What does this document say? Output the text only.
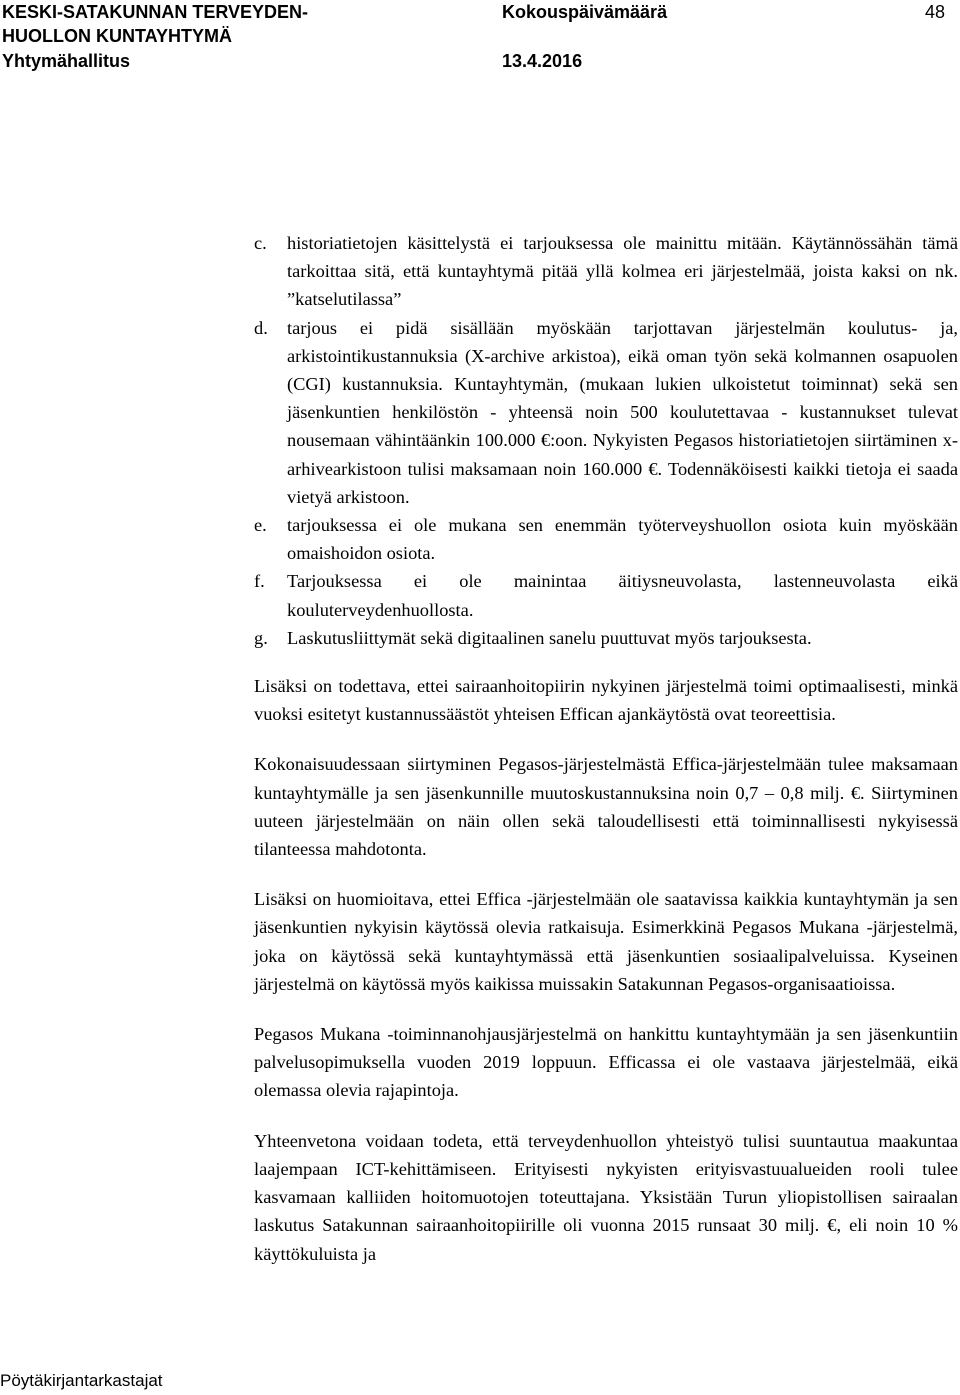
KESKI-SATAKUNNAN TERVEYDEN-
HUOLLON KUNTAYHTYMÄ
Yhtymähallitus
Kokouspäivämäärä
13.4.2016
48
c. historiatietojen käsittelystä ei tarjouksessa ole mainittu mitään. Käytännössähän tämä tarkoittaa sitä, että kuntayhtymä pitää yllä kolmea eri järjestelmää, joista kaksi on nk. ”katselutilassa”
d. tarjous ei pidä sisällään myöskään tarjottavan järjestelmän koulutus- ja, arkistointikustannuksia (X-archive arkistoa), eikä oman työn sekä kolmannen osapuolen (CGI) kustannuksia. Kuntayhtymän, (mukaan lukien ulkoistetut toiminnat) sekä sen jäsenkuntien henkilöstön - yhteensä noin 500 koulutettavaa - kustannukset tulevat nousemaan vähintäänkin 100.000 €:oon. Nykyisten Pegasos historiatietojen siirtäminen x-arhivearkistoon tulisi maksamaan noin 160.000 €. Todennäköisesti kaikki tietoja ei saada vietyä arkistoon.
e. tarjouksessa ei ole mukana sen enemmän työterveyshuollon osiota kuin myöskään omaishoidon osiota.
f. Tarjouksessa ei ole mainintaa äitiysneuvolasta, lastenneuvolasta eikä kouluterveydenhuollosta.
g. Laskutusliittymät sekä digitaalinen sanelu puuttuvat myös tarjouksesta.

Lisäksi on todettava, ettei sairaanhoitopiirin nykyinen järjestelmä toimi optimaalisesti, minkä vuoksi esitetyt kustannussäästöt yhteisen Effican ajankäytöstä ovat teoreettisia.

Kokonaisuudessaan siirtyminen Pegasos-järjestelmästä Effica-järjestelmään tulee maksamaan kuntayhtymälle ja sen jäsenkunnille muutoskustannuksina noin 0,7 – 0,8 milj. €. Siirtyminen uuteen järjestelmään on näin ollen sekä taloudellisesti että toiminnallisesti nykyisessä tilanteessa mahdotonta.

Lisäksi on huomioitava, ettei Effica -järjestelmään ole saatavissa kaikkia kuntayhtymän ja sen jäsenkuntien nykyisin käytössä olevia ratkaisuja. Esimerkkinä Pegasos Mukana -järjestelmä, joka on käytössä sekä kuntayhtymässä että jäsenkuntien sosiaalipalveluissa. Kyseinen järjestelmä on käytössä myös kaikissa muissakin Satakunnan Pegasos-organisaatioissa.

Pegasos Mukana -toiminnanohjausjärjestelmä on hankittu kuntayhtymään ja sen jäsenkuntiin palvelusopimuksella vuoden 2019 loppuun. Efficassa ei ole vastaava järjestelmää, eikä olemassa olevia rajapintoja.

Yhteenvetona voidaan todeta, että terveydenhuollon yhteistyö tulisi suuntautua maakuntaa laajempaan ICT-kehittämiseen. Erityisesti nykyisten erityisvastuualueiden rooli tulee kasvamaan kalliiden hoitomuotojen toteuttajana. Yksistään Turun yliopistollisen sairaalan laskutus Satakunnan sairaanhoitopiirille oli vuonna 2015 runsaat 30 milj. €, eli noin 10 % käyttökuluista ja

Pöytäkirjantarkastajat
